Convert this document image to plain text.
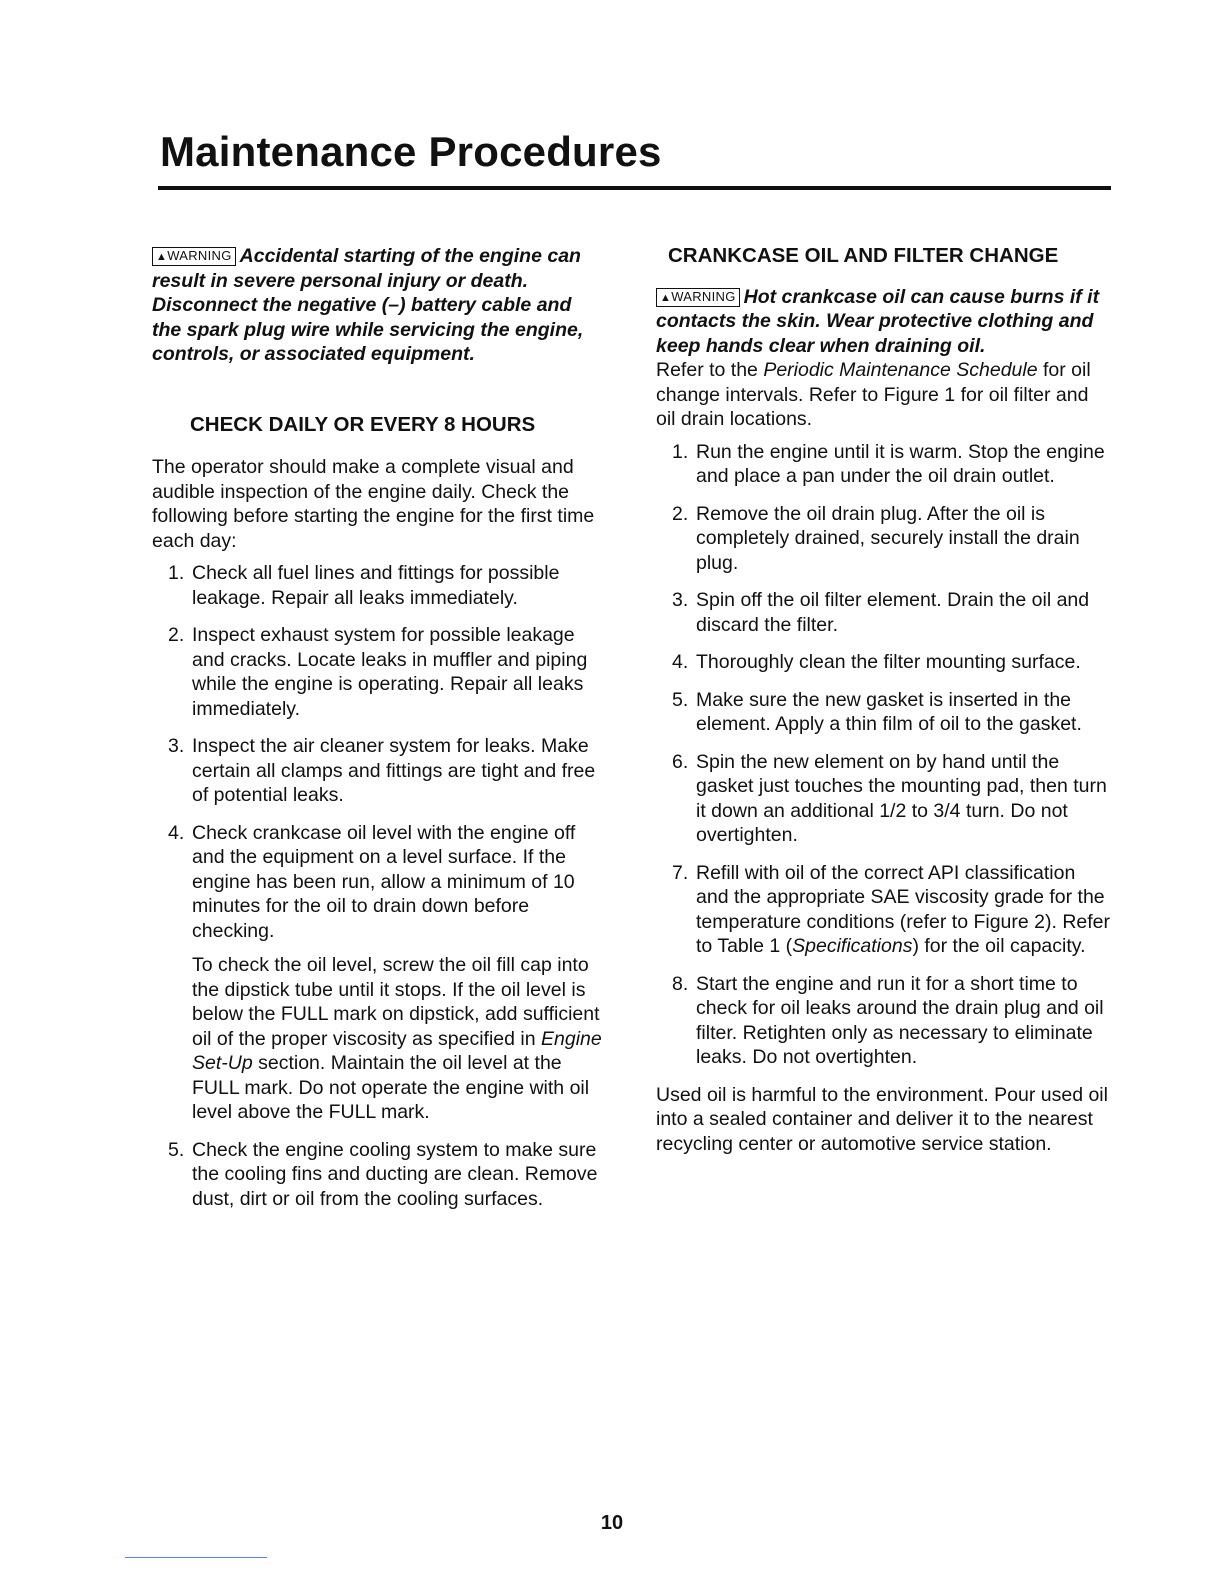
Maintenance Procedures

▲WARNING Accidental starting of the engine can result in severe personal injury or death. Disconnect the negative (–) battery cable and the spark plug wire while servicing the engine, controls, or associated equipment.

CHECK DAILY OR EVERY 8 HOURS

The operator should make a complete visual and audible inspection of the engine daily. Check the following before starting the engine for the first time each day:

1. Check all fuel lines and fittings for possible leakage. Repair all leaks immediately.
2. Inspect exhaust system for possible leakage and cracks. Locate leaks in muffler and piping while the engine is operating. Repair all leaks immediately.
3. Inspect the air cleaner system for leaks. Make certain all clamps and fittings are tight and free of potential leaks.
4. Check crankcase oil level with the engine off and the equipment on a level surface. If the engine has been run, allow a minimum of 10 minutes for the oil to drain down before checking.
To check the oil level, screw the oil fill cap into the dipstick tube until it stops. If the oil level is below the FULL mark on dipstick, add sufficient oil of the proper viscosity as specified in Engine Set-Up section. Maintain the oil level at the FULL mark. Do not operate the engine with oil level above the FULL mark.
5. Check the engine cooling system to make sure the cooling fins and ducting are clean. Remove dust, dirt or oil from the cooling surfaces.
CRANKCASE OIL AND FILTER CHANGE

▲WARNING Hot crankcase oil can cause burns if it contacts the skin. Wear protective clothing and keep hands clear when draining oil.

Refer to the Periodic Maintenance Schedule for oil change intervals. Refer to Figure 1 for oil filter and oil drain locations.

1. Run the engine until it is warm. Stop the engine and place a pan under the oil drain outlet.
2. Remove the oil drain plug. After the oil is completely drained, securely install the drain plug.
3. Spin off the oil filter element. Drain the oil and discard the filter.
4. Thoroughly clean the filter mounting surface.
5. Make sure the new gasket is inserted in the element. Apply a thin film of oil to the gasket.
6. Spin the new element on by hand until the gasket just touches the mounting pad, then turn it down an additional 1/2 to 3/4 turn. Do not overtighten.
7. Refill with oil of the correct API classification and the appropriate SAE viscosity grade for the temperature conditions (refer to Figure 2). Refer to Table 1 (Specifications) for the oil capacity.
8. Start the engine and run it for a short time to check for oil leaks around the drain plug and oil filter. Retighten only as necessary to eliminate leaks. Do not overtighten.

Used oil is harmful to the environment. Pour used oil into a sealed container and deliver it to the nearest recycling center or automotive service station.

10
